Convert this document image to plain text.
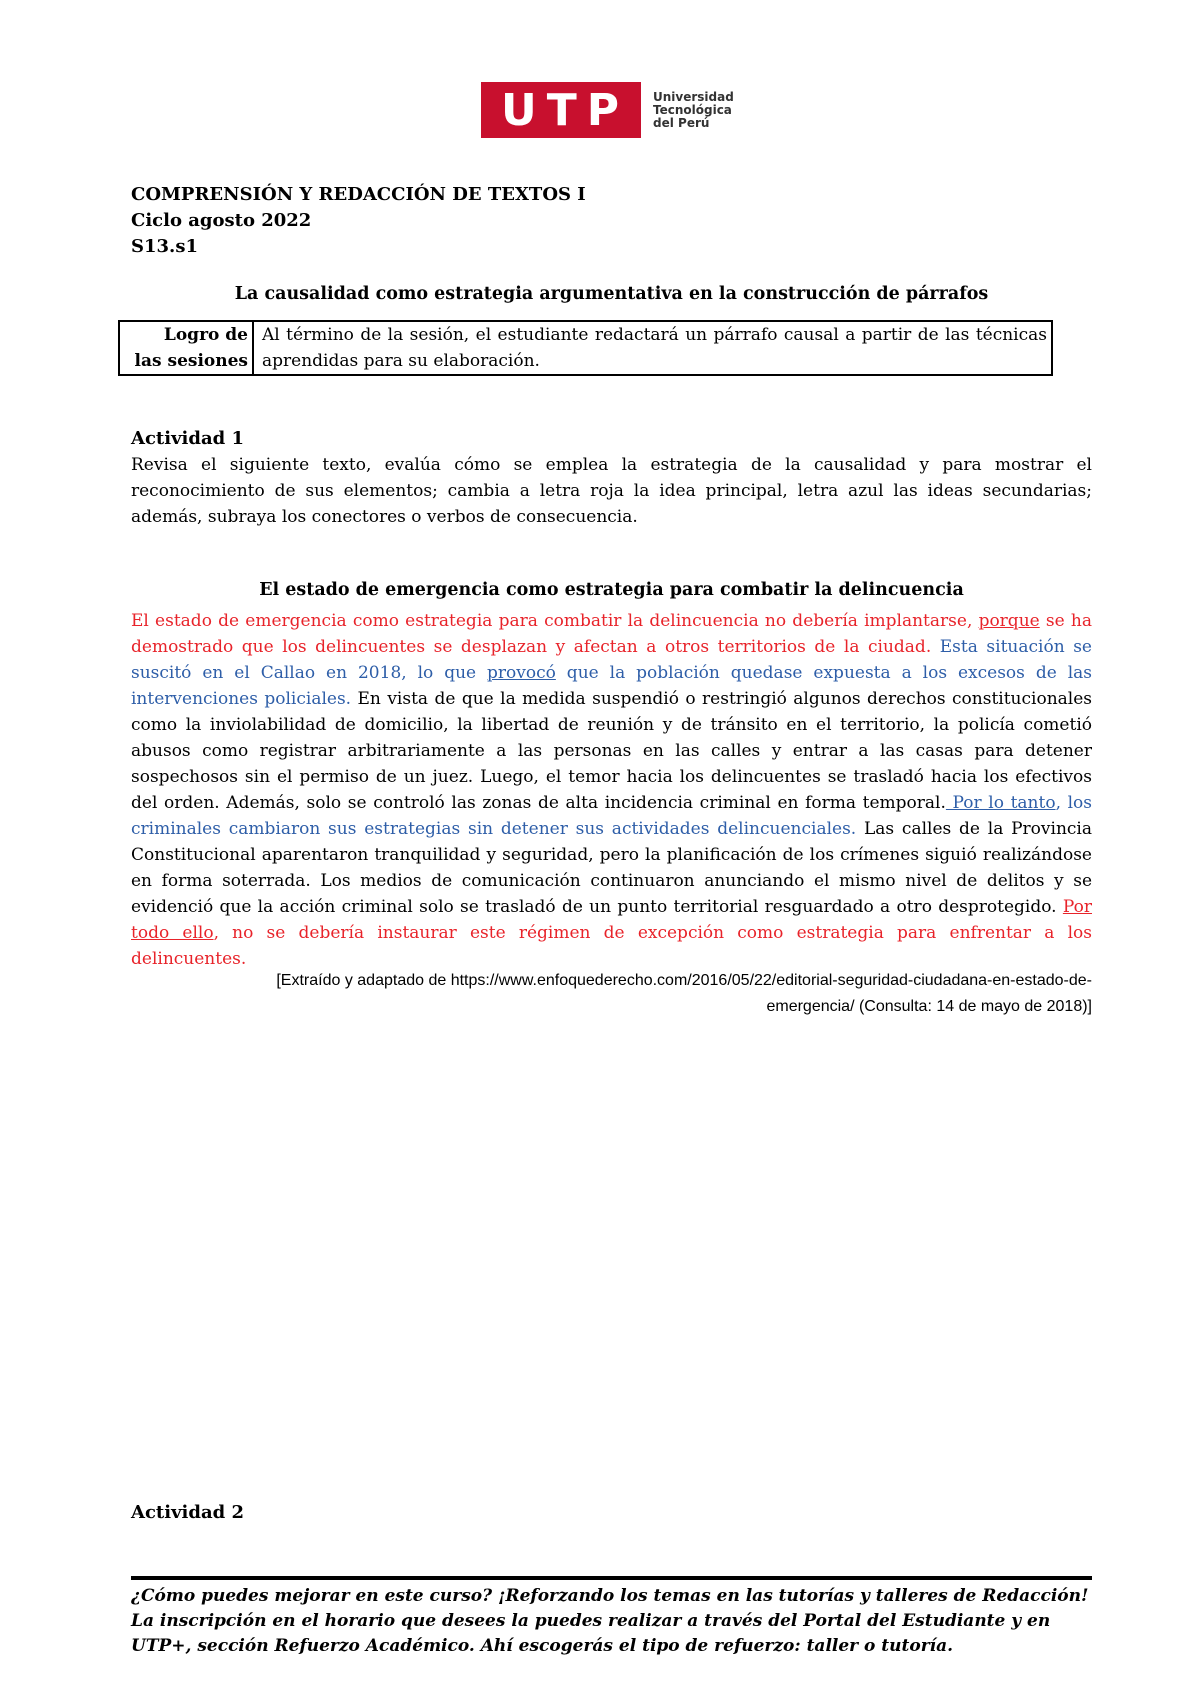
UTP	Universidad
Tecnológica
del Perú
COMPRENSIÓN Y REDACCIÓN DE TEXTOS I
Ciclo agosto 2022
S13.s1
La causalidad como estrategia argumentativa en la construcción de párrafos
Logro de
las sesiones	Al término de la sesión, el estudiante redactará un párrafo causal a partir de las técnicas aprendidas para su elaboración.
Actividad 1
Revisa el siguiente texto, evalúa cómo se emplea la estrategia de la causalidad y para mostrar el reconocimiento de sus elementos; cambia a letra roja la idea principal, letra azul las ideas secundarias; además, subraya los conectores o verbos de consecuencia.
El estado de emergencia como estrategia para combatir la delincuencia
El estado de emergencia como estrategia para combatir la delincuencia no debería implantarse, porque se ha demostrado que los delincuentes se desplazan y afectan a otros territorios de la ciudad. Esta situación se suscitó en el Callao en 2018, lo que provocó que la población quedase expuesta a los excesos de las intervenciones policiales. En vista de que la medida suspendió o restringió algunos derechos constitucionales como la inviolabilidad de domicilio, la libertad de reunión y de tránsito en el territorio, la policía cometió abusos como registrar arbitrariamente a las personas en las calles y entrar a las casas para detener sospechosos sin el permiso de un juez. Luego, el temor hacia los delincuentes se trasladó hacia los efectivos del orden. Además, solo se controló las zonas de alta incidencia criminal en forma temporal. Por lo tanto, los criminales cambiaron sus estrategias sin detener sus actividades delincuenciales. Las calles de la Provincia Constitucional aparentaron tranquilidad y seguridad, pero la planificación de los crímenes siguió realizándose en forma soterrada. Los medios de comunicación continuaron anunciando el mismo nivel de delitos y se evidenció que la acción criminal solo se trasladó de un punto territorial resguardado a otro desprotegido. Por todo ello, no se debería instaurar este régimen de excepción como estrategia para enfrentar a los delincuentes.
[Extraído y adaptado de https://www.enfoquederecho.com/2016/05/22/editorial-seguridad-ciudadana-en-estado-de-
emergencia/ (Consulta: 14 de mayo de 2018)]
Actividad 2
¿Cómo puedes mejorar en este curso? ¡Reforzando los temas en las tutorías y talleres de Redacción! La inscripción en el horario que desees la puedes realizar a través del Portal del Estudiante y en UTP+, sección Refuerzo Académico. Ahí escogerás el tipo de refuerzo: taller o tutoría.
